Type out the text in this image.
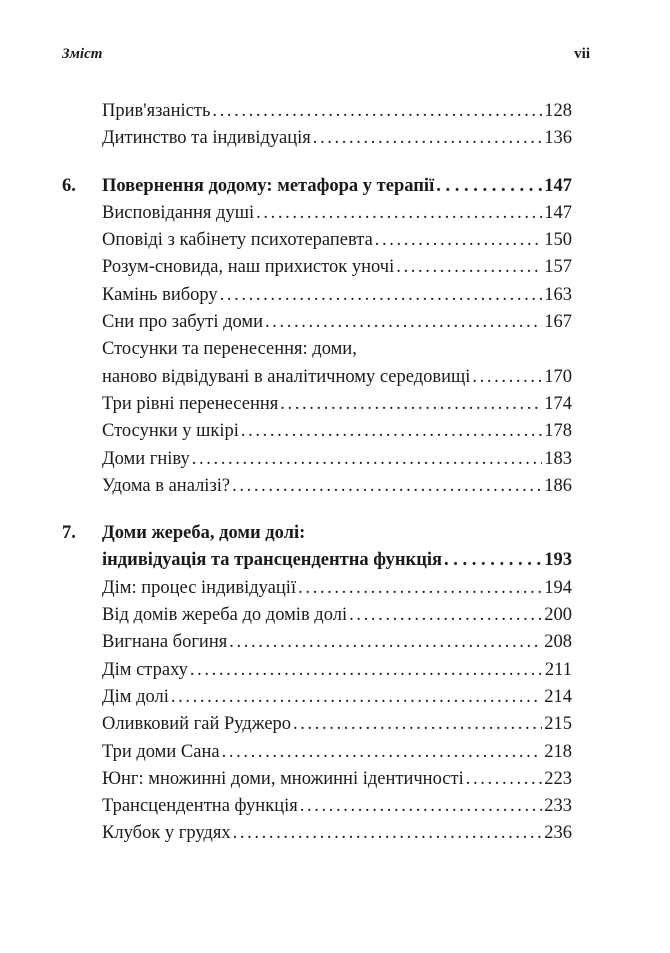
Зміст	vii
Прив'язаність . . .	128
Дитинство та індивідуація . . .	136
6.	Повернення додому: метафора у терапії . . .	147
Висповідання душі . . .	147
Оповіді з кабінету психотерапевта . . .	150
Розум-сновида, наш прихисток уночі . . .	157
Камінь вибору . . .	163
Сни про забуті доми . . .	167
Стосунки та перенесення: доми,
наново відвідувані в аналітичному середовищі . . .	170
Три рівні перенесення . . .	174
Стосунки у шкірі . . .	178
Доми гніву . . .	183
Удома в аналізі? . . .	186
7.	Доми жереба, доми долі:
індивідуація та трансцендентна функція . . .	193
Дім: процес індивідуації . . .	194
Від домів жереба до домів долі . . .	200
Вигнана богиня . . .	208
Дім страху . . .	211
Дім долі . . .	214
Оливковий гай Руджеро . . .	215
Три доми Сана . . .	218
Юнг: множинні доми, множинні ідентичності . . .	223
Трансцендентна функція . . .	233
Клубок у грудях . . .	236
